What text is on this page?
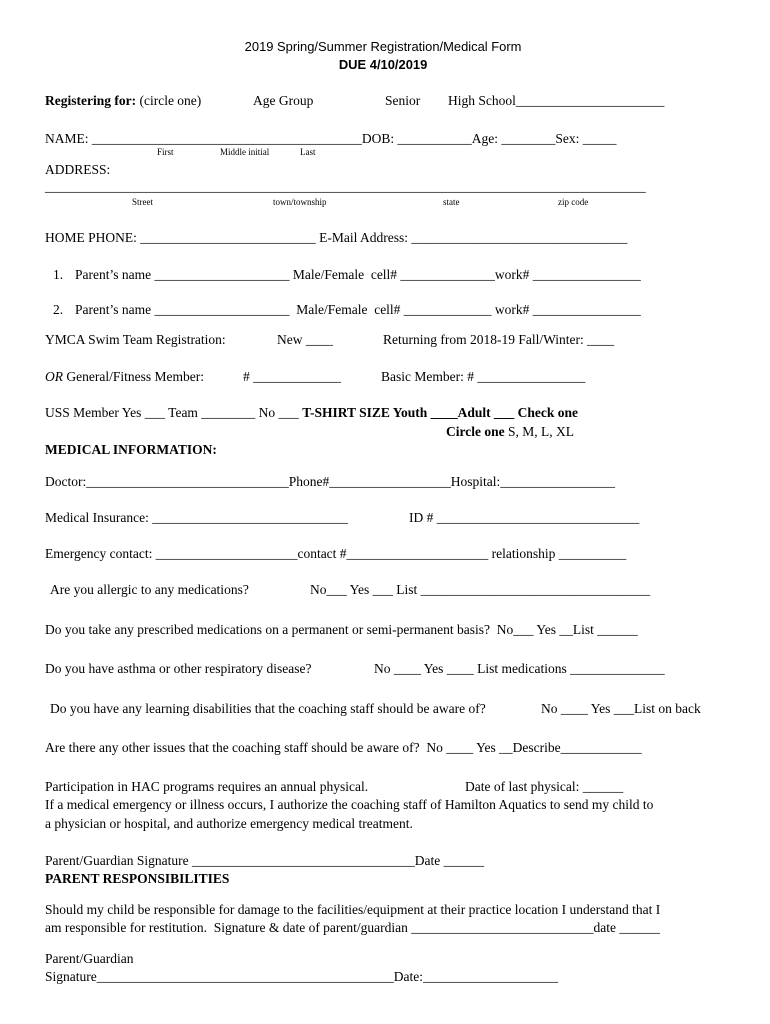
2019 Spring/Summer Registration/Medical Form
DUE 4/10/2019
Registering for: (circle one)	Age Group	Senior High School______________________
NAME: ________________________________________DOB: ___________Age: ________Sex: _____
First	Middle initial	Last
ADDRESS:
_________________________________________________________________________________________
Street	town/township	state	zip code
HOME PHONE: __________________________ E-Mail Address: ________________________________
1. Parent’s name ____________________ Male/Female  cell# ______________work# ________________
2. Parent’s name ____________________  Male/Female  cell# _____________ work# ________________
YMCA Swim Team Registration:	New ____	Returning from 2018-19 Fall/Winter: ____
OR General/Fitness Member:	# _____________	Basic Member: # ________________
USS Member Yes ___ Team ________ No ___ T-SHIRT SIZE Youth ____Adult ___ Check one
Circle one S, M, L, XL
MEDICAL INFORMATION:
Doctor:______________________________Phone#__________________Hospital:_________________
Medical Insurance: _____________________________	ID # ______________________________
Emergency contact: _____________________contact #_____________________ relationship __________
Are you allergic to any medications?	No___ Yes ___ List __________________________________
Do you take any prescribed medications on a permanent or semi-permanent basis?  No___ Yes __List ______
Do you have asthma or other respiratory disease?	No ____ Yes ____ List medications ______________
Do you have any learning disabilities that the coaching staff should be aware of?	No ____ Yes ___List on back
Are there any other issues that the coaching staff should be aware of?  No ____ Yes __Describe____________
Participation in HAC programs requires an annual physical.	Date of last physical: ______
If a medical emergency or illness occurs, I authorize the coaching staff of Hamilton Aquatics to send my child to
a physician or hospital, and authorize emergency medical treatment.
Parent/Guardian Signature _________________________________Date ______
PARENT RESPONSIBILITIES
Should my child be responsible for damage to the facilities/equipment at their practice location I understand that I
am responsible for restitution.  Signature & date of parent/guardian ___________________________date ______
Parent/Guardian
Signature____________________________________________Date:____________________
